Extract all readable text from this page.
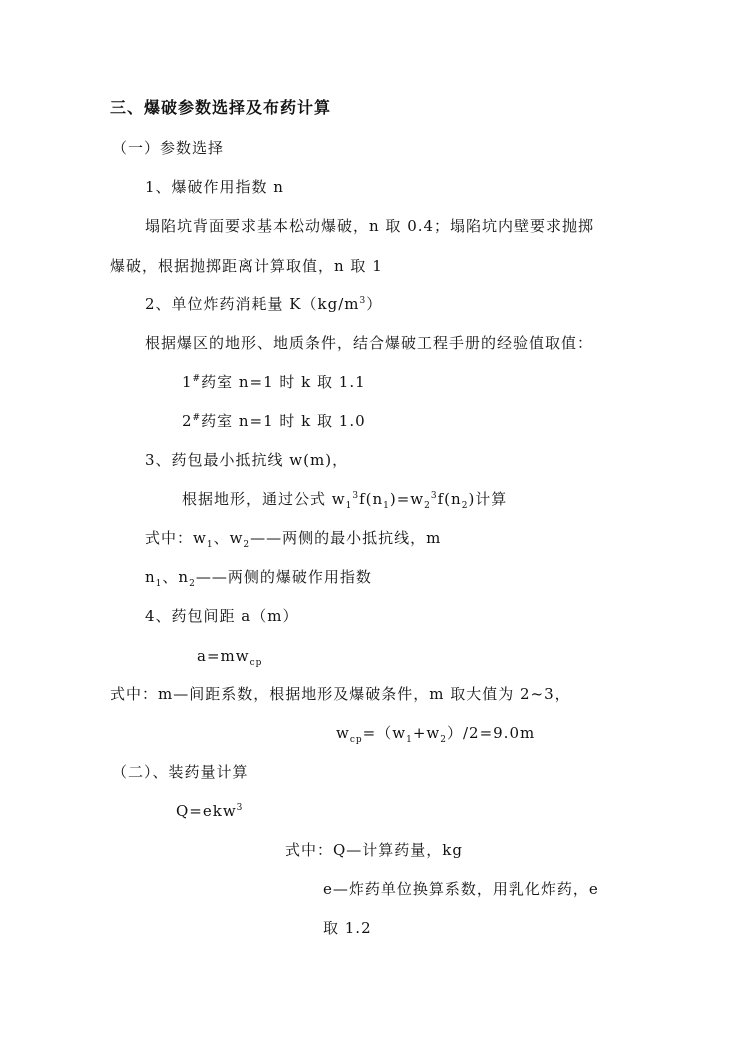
三、爆破参数选择及布药计算
（一）参数选择
1、爆破作用指数 n
塌陷坑背面要求基本松动爆破，n 取 0.4；塌陷坑内壁要求抛掷
爆破，根据抛掷距离计算取值，n 取 1
2、单位炸药消耗量 $K(kg/m^3)$
根据爆区的地形、地质条件，结合爆破工程手册的经验值取值：
1#药室 n=1 时 k 取 1.1
2#药室 n=1 时 k 取 1.0
3、药包最小抵抗线 w(m)，
根据地形，通过公式 $w_1^3f(n_1)=w_2^3f(n_2)$计算
式中：$w_1$、$w_2——$两侧的最小抵抗线，m
$n_1$、$n_2——$两侧的爆破作用指数
4、药包间距 a（m）
$a=mw_{cp}$
式中：m—间距系数，根据地形及爆破条件，m 取大值为 2~3，
$w_{cp}=(w_1+w_2)/2=9.0m$
（二）、装药量计算
Q=ekw$^3$
式中：Q—计算药量，kg
e—炸药单位换算系数，用乳化炸药，e
取 1.2
